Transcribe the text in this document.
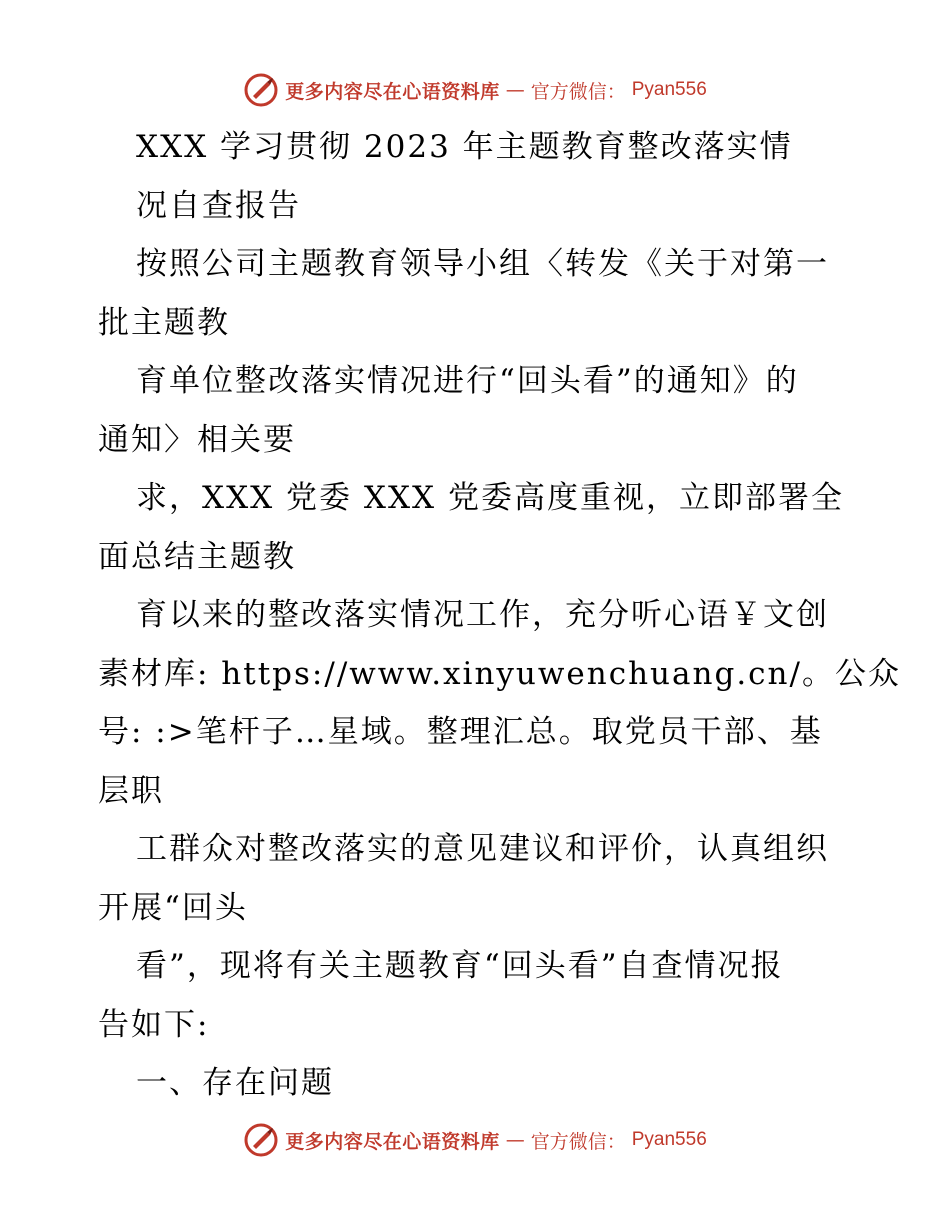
更多内容尽在心语资料库 — 官方微信： Pyan556
XXX 学习贯彻 2023 年主题教育整改落实情
况自查报告
按照公司主题教育领导小组〈转发《关于对第一
批主题教
育单位整改落实情况进行“回头看”的通知》的
通知〉相关要
求，XXX 党委 XXX 党委高度重视，立即部署全
面总结主题教
育以来的整改落实情况工作，充分听心语￥文创
素材库: https://www.xinyuwenchuang.cn/。公众
号: :>笔杆子…星域。整理汇总。取党员干部、基
层职
工群众对整改落实的意见建议和评价，认真组织
开展“回头
看”，现将有关主题教育“回头看”自查情况报
告如下:
一、存在问题
更多内容尽在心语资料库 — 官方微信： Pyan556
